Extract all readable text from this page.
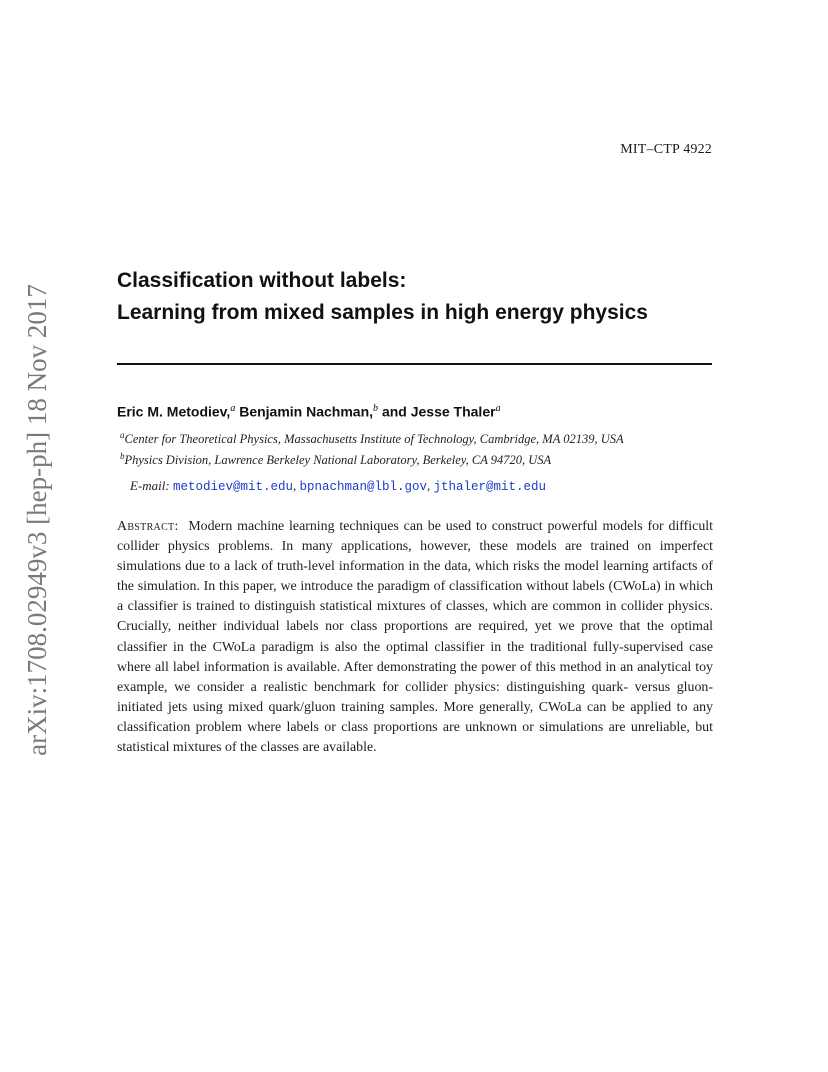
MIT–CTP 4922
arXiv:1708.02949v3 [hep-ph] 18 Nov 2017
Classification without labels:
Learning from mixed samples in high energy physics
Eric M. Metodiev,$^a$ Benjamin Nachman,$^b$ and Jesse Thaler$^a$
$^a$Center for Theoretical Physics, Massachusetts Institute of Technology, Cambridge, MA 02139, USA
$^b$Physics Division, Lawrence Berkeley National Laboratory, Berkeley, CA 94720, USA
E-mail: metodiev@mit.edu, bpnachman@lbl.gov, jthaler@mit.edu
Abstract: Modern machine learning techniques can be used to construct powerful models for difficult collider physics problems. In many applications, however, these models are trained on imperfect simulations due to a lack of truth-level information in the data, which risks the model learning artifacts of the simulation. In this paper, we introduce the paradigm of classification without labels (CWoLa) in which a classifier is trained to distinguish statistical mixtures of classes, which are common in collider physics. Crucially, neither individual labels nor class proportions are required, yet we prove that the optimal classifier in the CWoLa paradigm is also the optimal classifier in the traditional fully-supervised case where all label information is available. After demonstrating the power of this method in an analytical toy example, we consider a realistic benchmark for collider physics: distinguishing quark- versus gluon-initiated jets using mixed quark/gluon training samples. More generally, CWoLa can be applied to any classification problem where labels or class proportions are unknown or simulations are unreliable, but statistical mixtures of the classes are available.
